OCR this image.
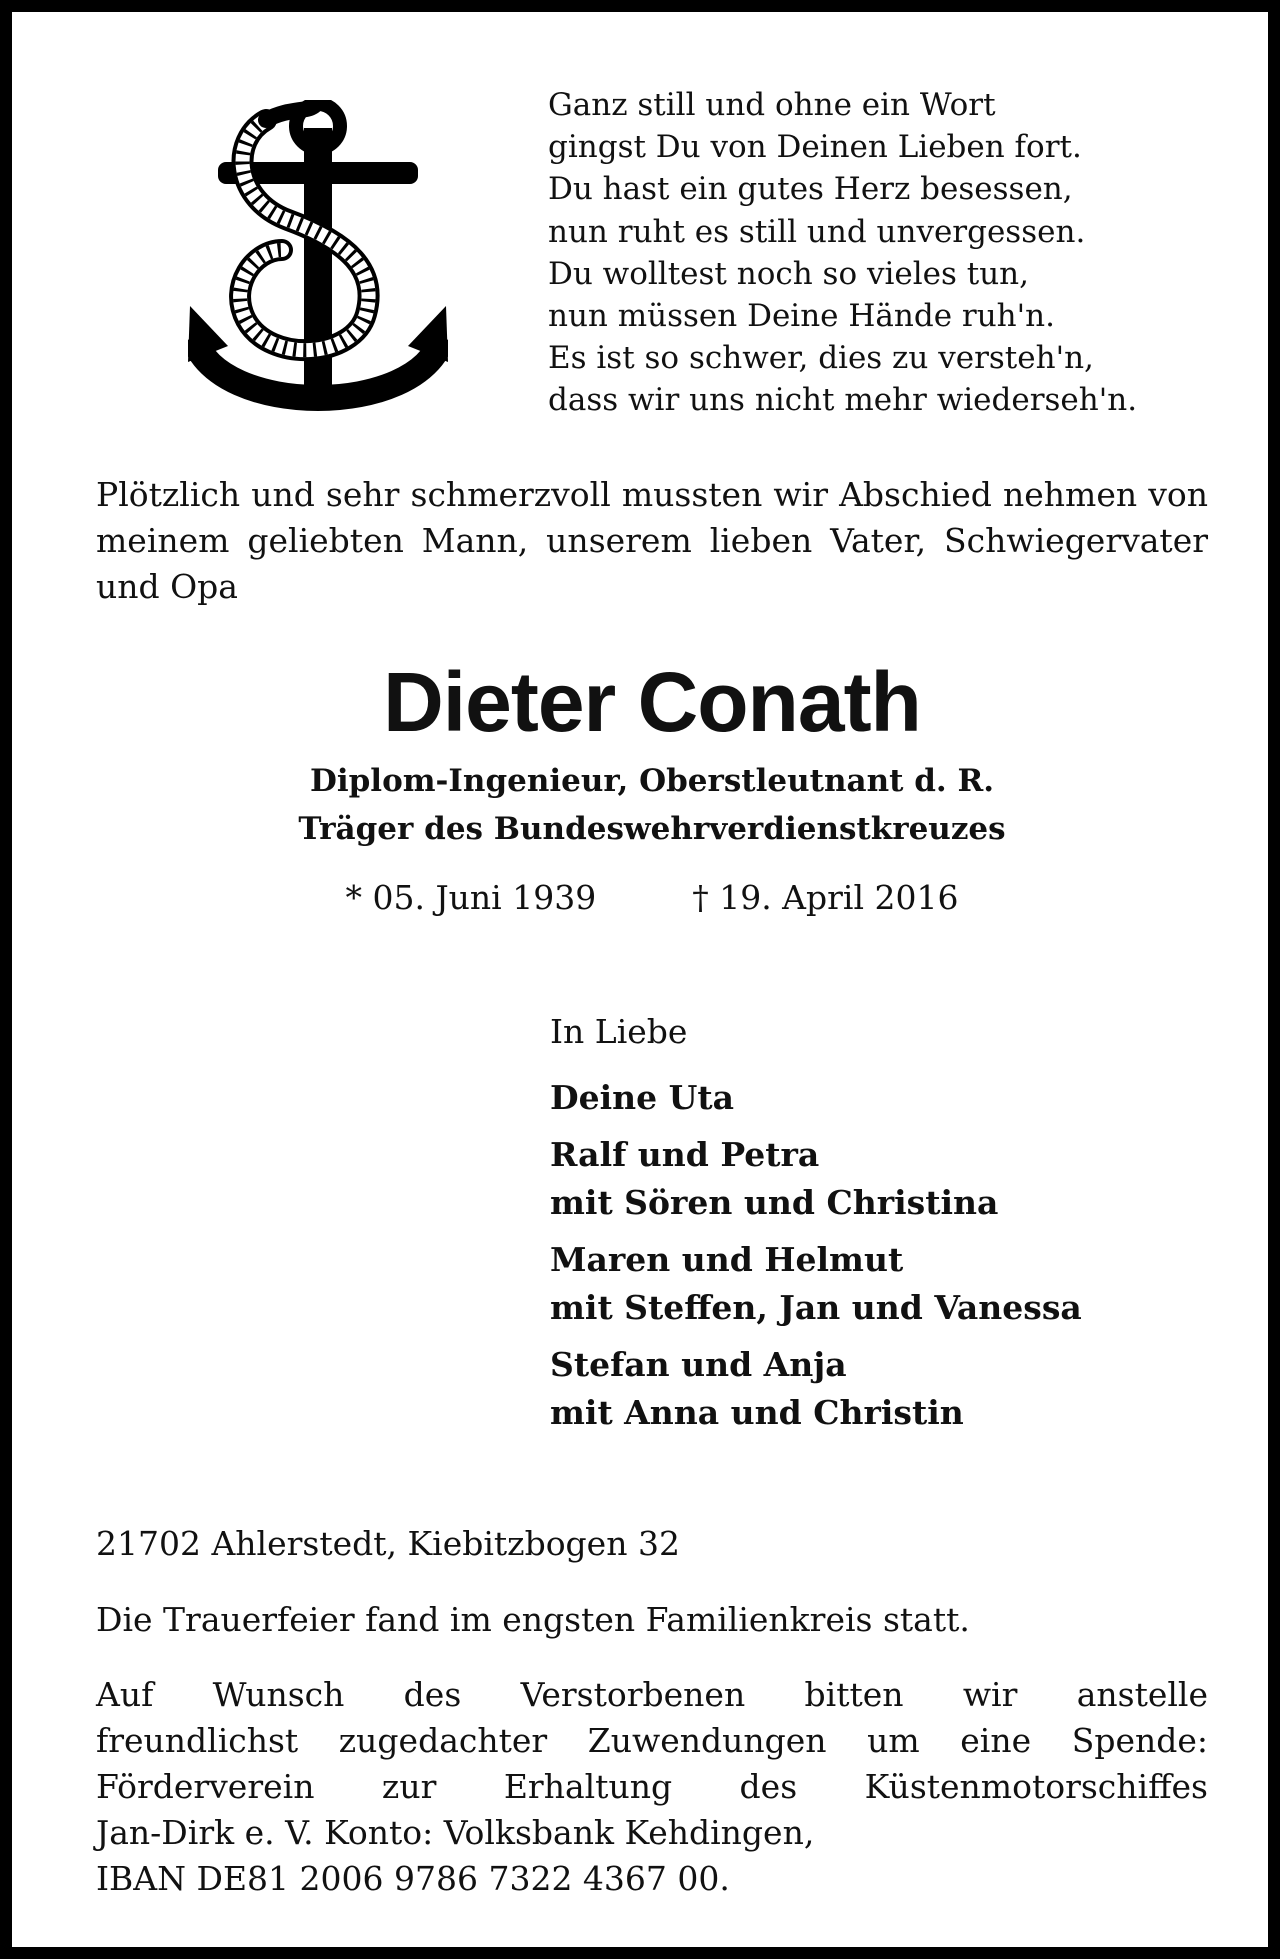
Ganz still und ohne ein Wort
gingst Du von Deinen Lieben fort.
Du hast ein gutes Herz besessen,
nun ruht es still und unvergessen.
Du wolltest noch so vieles tun,
nun müssen Deine Hände ruh'n.
Es ist so schwer, dies zu versteh'n,
dass wir uns nicht mehr wiederseh'n.
Plötzlich und sehr schmerzvoll mussten wir Abschied nehmen von meinem geliebten Mann, unserem lieben Vater, Schwiegervater und Opa
Dieter Conath
Diplom-Ingenieur, Oberstleutnant d. R.
Träger des Bundeswehrverdienstkreuzes
* 05. Juni 1939	† 19. April 2016
In Liebe
Deine Uta
Ralf und Petra
mit Sören und Christina
Maren und Helmut
mit Steffen, Jan und Vanessa
Stefan und Anja
mit Anna und Christin
21702 Ahlerstedt, Kiebitzbogen 32
Die Trauerfeier fand im engsten Familienkreis statt.
Auf Wunsch des Verstorbenen bitten wir anstelle
freundlichst zugedachter Zuwendungen um eine Spende:
Förderverein zur Erhaltung des Küstenmotorschiffes
Jan-Dirk e. V. Konto: Volksbank Kehdingen,
IBAN DE81 2006 9786 7322 4367 00.
